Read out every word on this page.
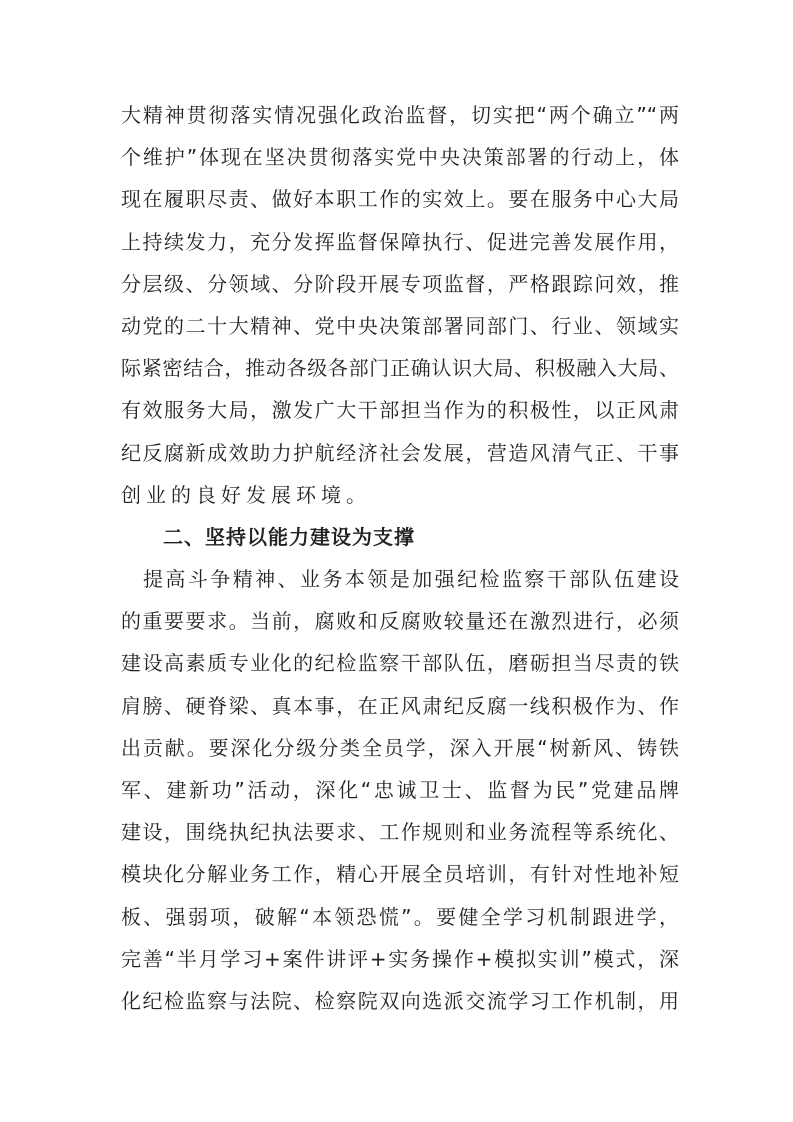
大精神贯彻落实情况强化政治监督，切实把“两个确立”“两
个维护”体现在坚决贯彻落实党中央决策部署的行动上，体
现在履职尽责、做好本职工作的实效上。要在服务中心大局
上持续发力，充分发挥监督保障执行、促进完善发展作用，
分层级、分领域、分阶段开展专项监督，严格跟踪问效，推
动党的二十大精神、党中央决策部署同部门、行业、领域实
际紧密结合，推动各级各部门正确认识大局、积极融入大局、
有效服务大局，激发广大干部担当作为的积极性，以正风肃
纪反腐新成效助力护航经济社会发展，营造风清气正、干事
创业的良好发展环境。
二、坚持以能力建设为支撑
提高斗争精神、业务本领是加强纪检监察干部队伍建设
的重要要求。当前，腐败和反腐败较量还在激烈进行，必须
建设高素质专业化的纪检监察干部队伍，磨砺担当尽责的铁
肩膀、硬脊梁、真本事，在正风肃纪反腐一线积极作为、作
出贡献。要深化分级分类全员学，深入开展“树新风、铸铁
军、建新功”活动，深化“忠诚卫士、监督为民”党建品牌
建设，围绕执纪执法要求、工作规则和业务流程等系统化、
模块化分解业务工作，精心开展全员培训，有针对性地补短
板、强弱项，破解“本领恐慌”。要健全学习机制跟进学，
完善“半月学习+案件讲评+实务操作+模拟实训”模式，深
化纪检监察与法院、检察院双向选派交流学习工作机制，用
